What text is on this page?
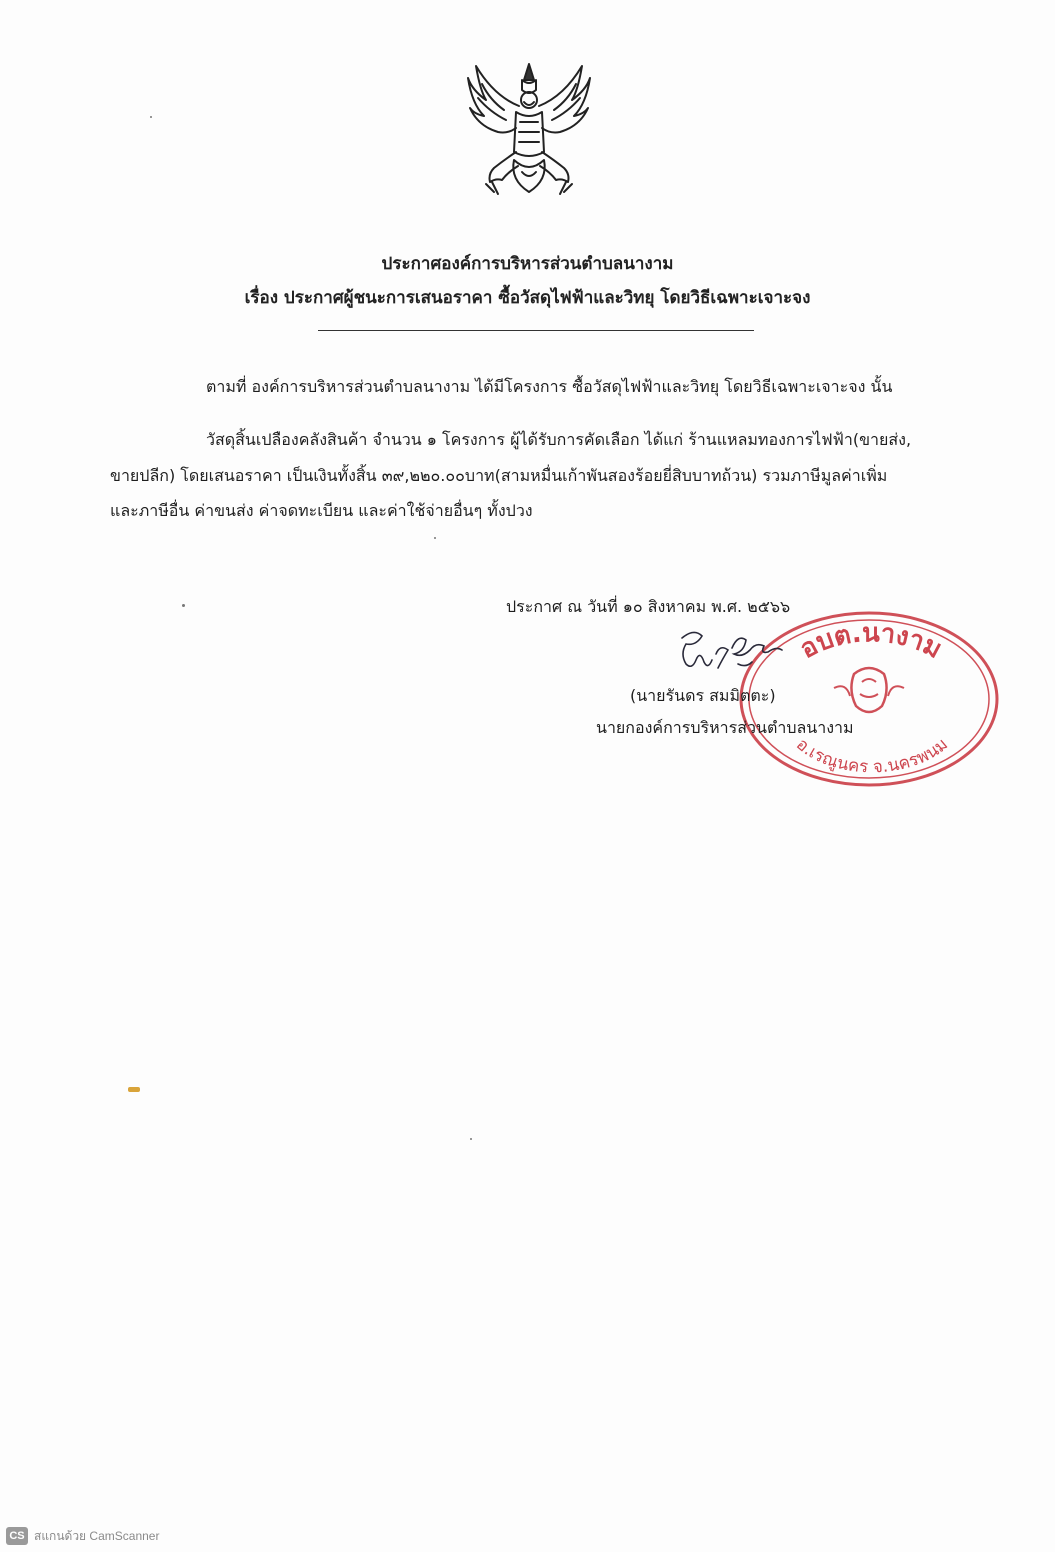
ประกาศองค์การบริหารส่วนตำบลนางาม
เรื่อง ประกาศผู้ชนะการเสนอราคา ซื้อวัสดุไฟฟ้าและวิทยุ โดยวิธีเฉพาะเจาะจง
ตามที่ องค์การบริหารส่วนตำบลนางาม ได้มีโครงการ ซื้อวัสดุไฟฟ้าและวิทยุ โดยวิธีเฉพาะเจาะจง นั้น
วัสดุสิ้นเปลืองคลังสินค้า จำนวน ๑ โครงการ ผู้ได้รับการคัดเลือก ได้แก่ ร้านแหลมทองการไฟฟ้า(ขายส่ง,
ขายปลีก) โดยเสนอราคา เป็นเงินทั้งสิ้น ๓๙,๒๒๐.๐๐บาท(สามหมื่นเก้าพันสองร้อยยี่สิบบาทถ้วน) รวมภาษีมูลค่าเพิ่ม
และภาษีอื่น ค่าขนส่ง ค่าจดทะเบียน และค่าใช้จ่ายอื่นๆ ทั้งปวง
ประกาศ ณ วันที่ ๑๐ สิงหาคม พ.ศ. ๒๕๖๖
อบต.นางาม
อ.เรณูนคร จ.นครพนม
(นายรันดร สมมิตตะ)
นายกองค์การบริหารส่วนตำบลนางาม
CS สแกนด้วย CamScanner
